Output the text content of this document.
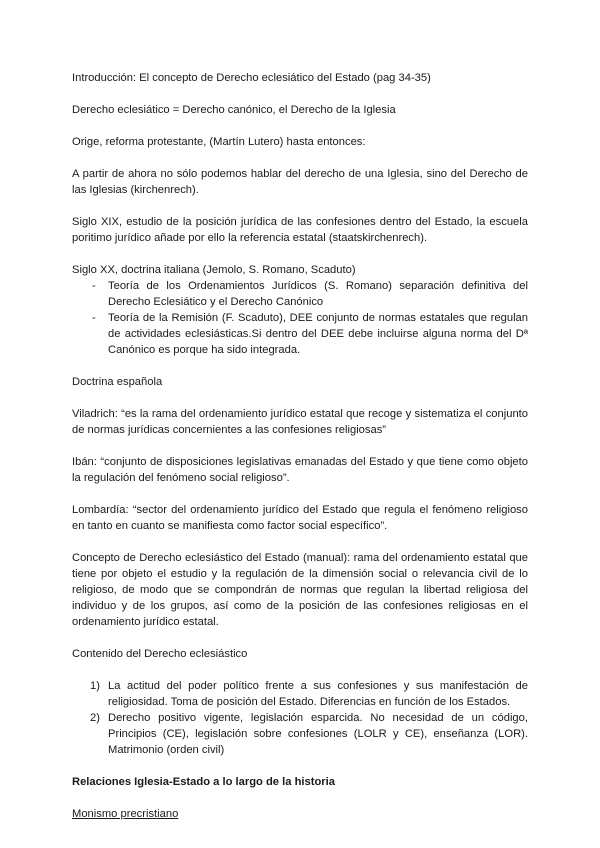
Introducción: El concepto de Derecho eclesiático del Estado (pag 34-35)

Derecho eclesiático = Derecho canónico, el Derecho de la Iglesia

Orige, reforma protestante, (Martín Lutero) hasta entonces:

A partir de ahora no sólo podemos hablar del derecho de una Iglesia, sino del Derecho de las Iglesias (kirchenrech).

Siglo XIX, estudio de la posición jurídica de las confesiones dentro del Estado, la escuela poritimo jurídico añade por ello la referencia estatal (staatskirchenrech).

Siglo XX, doctrina italiana (Jemolo, S. Romano, Scaduto)

- Teoría de los Ordenamientos Jurídicos (S. Romano) separación definitiva del Derecho Eclesiático y el Derecho Canónico
- Teoría de la Remisión (F. Scaduto), DEE conjunto de normas estatales que regulan de actividades eclesiásticas.Si dentro del DEE debe incluirse alguna norma del Dª Canónico es porque ha sido integrada.

Doctrina española

Viladrich: “es la rama del ordenamiento jurídico estatal que recoge y sistematiza el conjunto de normas jurídicas concernientes a las confesiones religiosas”

Ibán: “conjunto de disposiciones legislativas emanadas del Estado y que tiene como objeto la regulación del fenómeno social religioso”.

Lombardía: “sector del ordenamiento jurídico del Estado que regula el fenómeno religioso en tanto en cuanto se manifiesta como factor social específico”.

Concepto de Derecho eclesiástico del Estado (manual): rama del ordenamiento estatal que tiene por objeto el estudio y la regulación de la dimensión social o relevancia civil de lo religioso, de modo que se compondrán de normas que regulan la libertad religiosa del individuo y de los grupos, así como de la posición de las confesiones religiosas en el ordenamiento jurídico estatal.

Contenido del Derecho eclesiástico

1) La actitud del poder político frente a sus confesiones y sus manifestación de religiosidad. Toma de posición del Estado. Diferencias en función de los Estados.
2) Derecho positivo vigente, legislación esparcida. No necesidad de un código, Principios (CE), legislación sobre confesiones (LOLR y CE), enseñanza (LOR). Matrimonio (orden civil)

Relaciones Iglesia-Estado a lo largo de la historia

Monismo precristiano
